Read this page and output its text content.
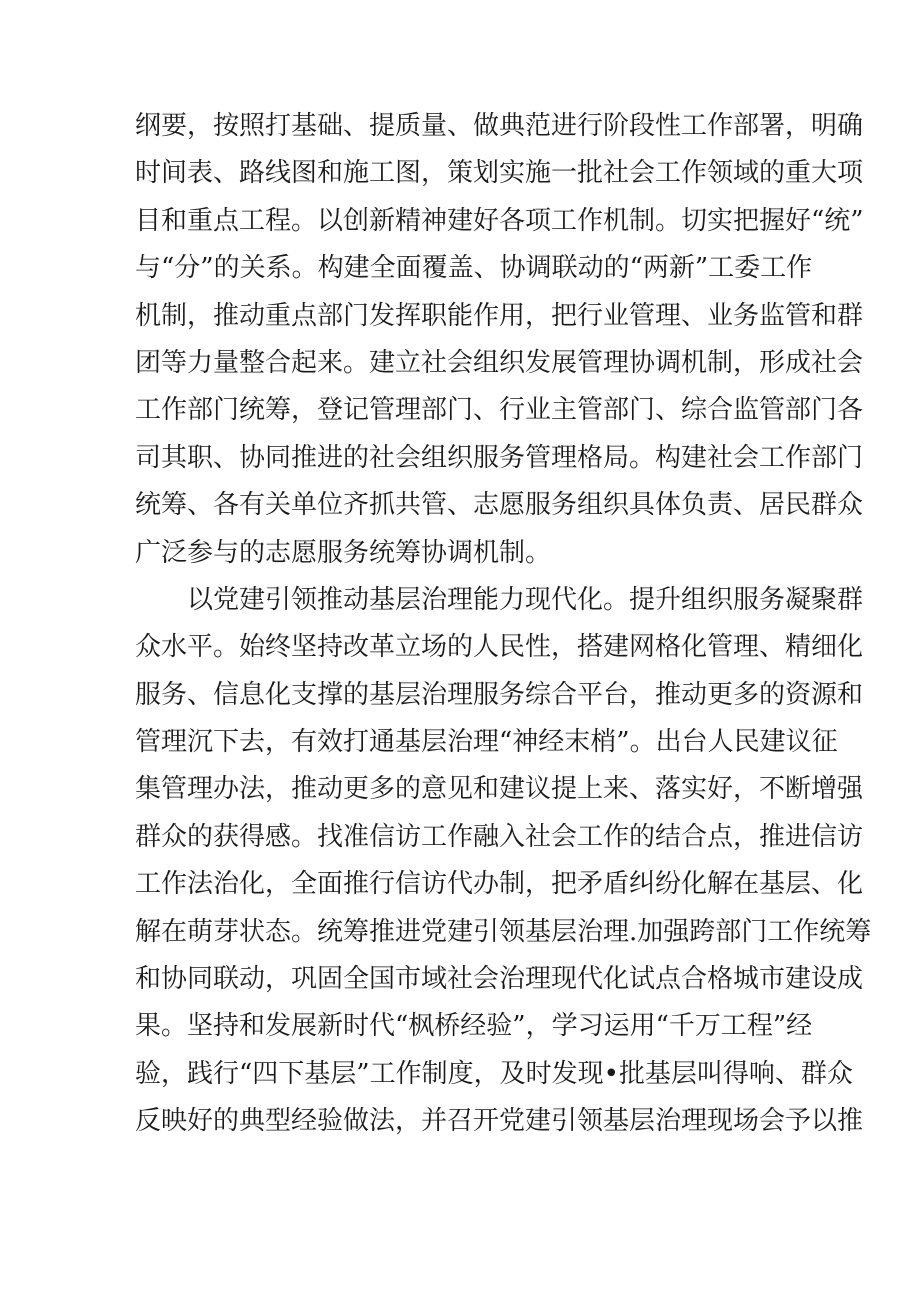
纲要，按照打基础、提质量、做典范进行阶段性工作部署，明确
时间表、路线图和施工图，策划实施一批社会工作领域的重大项
目和重点工程。以创新精神建好各项工作机制。切实把握好“统”
与“分”的关系。构建全面覆盖、协调联动的“两新”工委工作
机制，推动重点部门发挥职能作用，把行业管理、业务监管和群
团等力量整合起来。建立社会组织发展管理协调机制，形成社会
工作部门统筹，登记管理部门、行业主管部门、综合监管部门各
司其职、协同推进的社会组织服务管理格局。构建社会工作部门
统筹、各有关单位齐抓共管、志愿服务组织具体负责、居民群众
广泛参与的志愿服务统筹协调机制。
以党建引领推动基层治理能力现代化。提升组织服务凝聚群
众水平。始终坚持改革立场的人民性，搭建网格化管理、精细化
服务、信息化支撑的基层治理服务综合平台，推动更多的资源和
管理沉下去，有效打通基层治理“神经末梢”。出台人民建议征
集管理办法，推动更多的意见和建议提上来、落实好，不断增强
群众的获得感。找准信访工作融入社会工作的结合点，推进信访
工作法治化，全面推行信访代办制，把矛盾纠纷化解在基层、化
解在萌芽状态。统筹推进党建引领基层治理.加强跨部门工作统筹
和协同联动，巩固全国市域社会治理现代化试点合格城市建设成
果。坚持和发展新时代“枫桥经验”，学习运用“千万工程”经
验，践行“四下基层”工作制度，及时发现•批基层叫得响、群众
反映好的典型经验做法，并召开党建引领基层治理现场会予以推
